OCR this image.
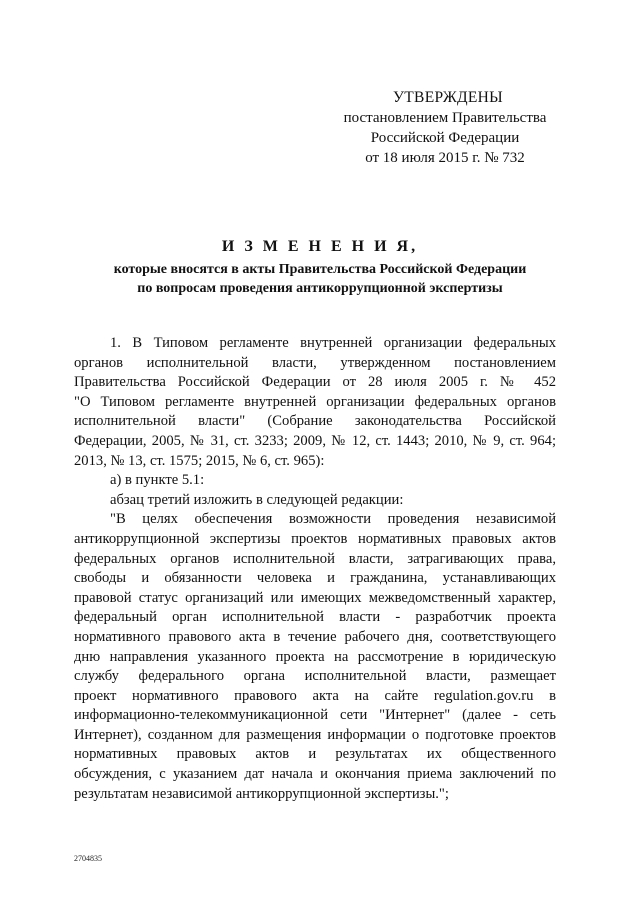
УТВЕРЖДЕНЫ
постановлением Правительства
Российской Федерации
от 18 июля 2015 г. № 732
И З М Е Н Е Н И Я,
которые вносятся в акты Правительства Российской Федерации
по вопросам проведения антикоррупционной экспертизы
1. В Типовом регламенте внутренней организации федеральных
органов исполнительной власти, утвержденном постановлением
Правительства Российской Федерации от 28 июля 2005 г. № 452
"О Типовом регламенте внутренней организации федеральных органов
исполнительной власти" (Собрание законодательства Российской
Федерации, 2005, № 31, ст. 3233; 2009, № 12, ст. 1443; 2010, № 9, ст. 964;
2013, № 13, ст. 1575; 2015, № 6, ст. 965):
а) в пункте 5.1:
абзац третий изложить в следующей редакции:
"В целях обеспечения возможности проведения независимой
антикоррупционной экспертизы проектов нормативных правовых актов
федеральных органов исполнительной власти, затрагивающих права,
свободы и обязанности человека и гражданина, устанавливающих
правовой статус организаций или имеющих межведомственный характер,
федеральный орган исполнительной власти - разработчик проекта
нормативного правового акта в течение рабочего дня, соответствующего
дню направления указанного проекта на рассмотрение в юридическую
службу федерального органа исполнительной власти, размещает
проект нормативного правового акта на сайте regulation.gov.ru в
информационно-телекоммуникационной сети "Интернет" (далее - сеть
Интернет), созданном для размещения информации о подготовке проектов
нормативных правовых актов и результатах их общественного
обсуждения, с указанием дат начала и окончания приема заключений по
результатам независимой антикоррупционной экспертизы.";
2704835
